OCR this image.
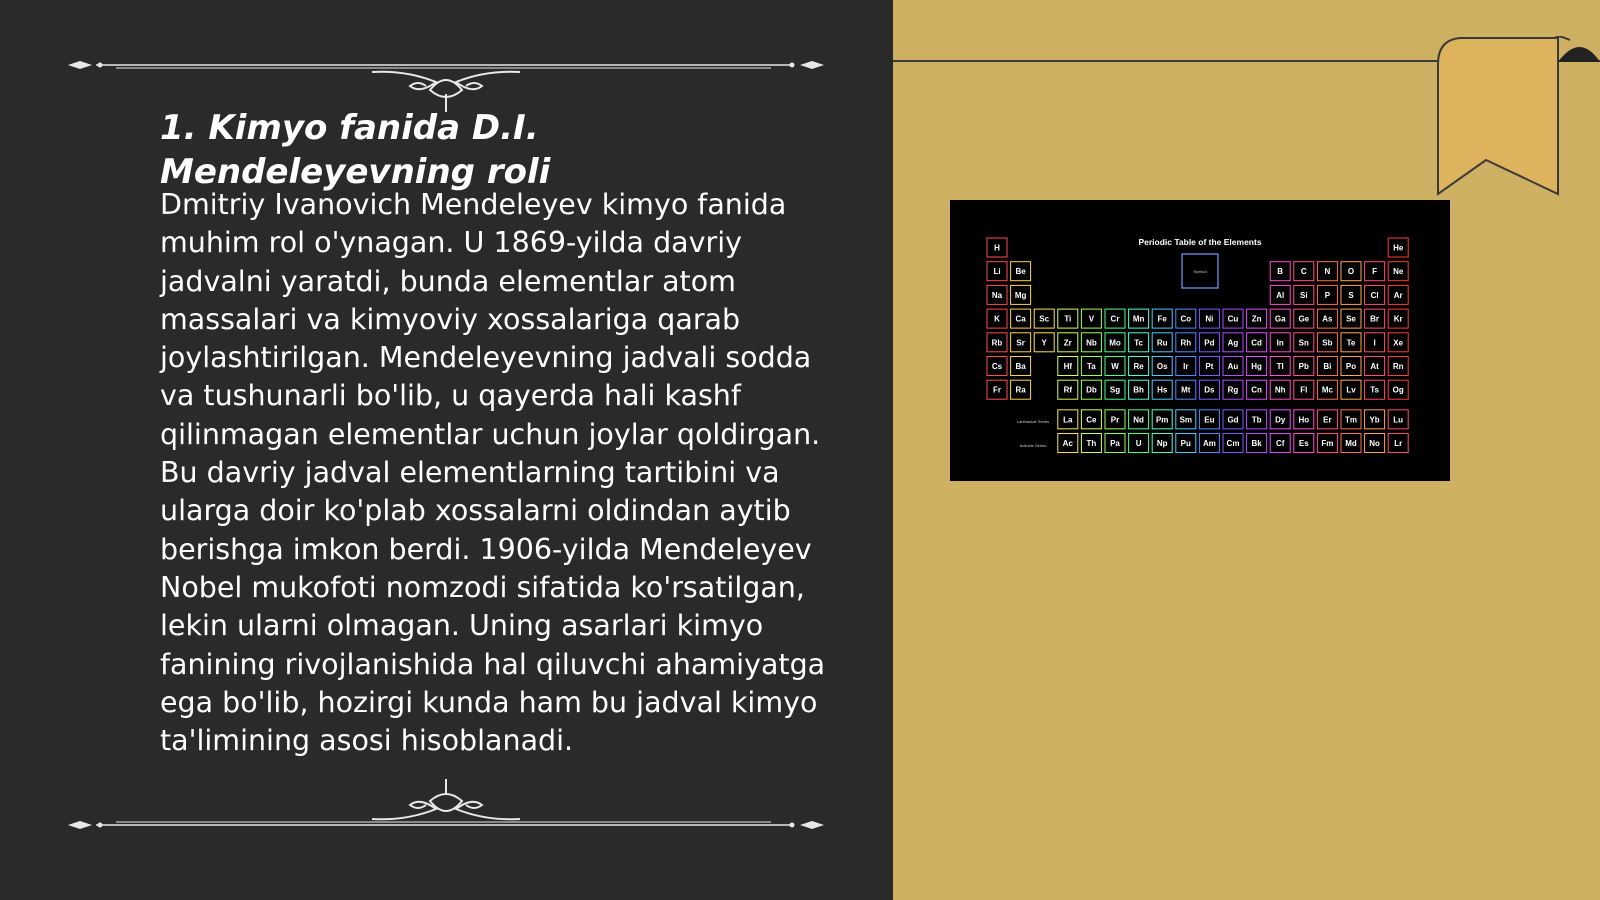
1. Kimyo fanida D.I. Mendeleyevning roli

Dmitriy Ivanovich Mendeleyev kimyo fanida muhim rol o'ynagan. U 1869-yilda davriy jadvalni yaratdi, bunda elementlar atom massalari va kimyoviy xossalariga qarab joylashtirilgan. Mendeleyevning jadvali sodda va tushunarli bo'lib, u qayerda hali kashf qilinmagan elementlar uchun joylar qoldirgan. Bu davriy jadval elementlarning tartibini va ularga doir ko'plab xossalarni oldindan aytib berishga imkon berdi. 1906-yilda Mendeleyev Nobel mukofoti nomzodi sifatida ko'rsatilgan, lekin ularni olmagan. Uning asarlari kimyo fanining rivojlanishida hal qiluvchi ahamiyatga ega bo'lib, hozirgi kunda ham bu jadval kimyo ta'limining asosi hisoblanadi.

Periodic Table of the Elements
Symbol
Lanthanide Series
Actinide Series
H	He
Li Be	B C N O F Ne
Na Mg	Al Si P S Cl Ar
K Ca Sc Ti V Cr Mn Fe Co Ni Cu Zn Ga Ge As Se Br Kr
Rb Sr Y Zr Nb Mo Tc Ru Rh Pd Ag Cd In Sn Sb Te I Xe
Cs Ba	Hf Ta W Re Os Ir Pt Au Hg Tl Pb Bi Po At Rn
Fr Ra	Rf Db Sg Bh Hs Mt Ds Rg Cn Nh Fl Mc Lv Ts Og
La Ce Pr Nd Pm Sm Eu Gd Tb Dy Ho Er Tm Yb Lu
Ac Th Pa U Np Pu Am Cm Bk Cf Es Fm Md No Lr
